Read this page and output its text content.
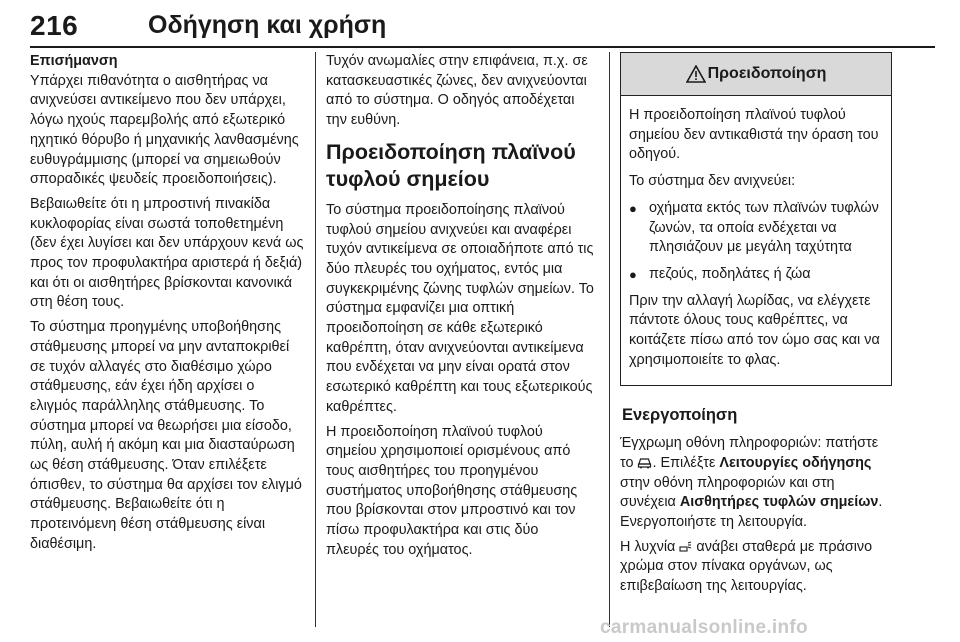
216	Οδήγηση και χρήση

Επισήμανση
Υπάρχει πιθανότητα ο αισθητήρας να ανιχνεύσει αντικείμενο που δεν υπάρχει, λόγω ηχούς παρεμβολής από εξωτερικό ηχητικό θόρυβο ή μηχανικής λανθασμένης ευθυγράμμισης (μπορεί να σημειωθούν σποραδικές ψευδείς προειδοποιήσεις).

Βεβαιωθείτε ότι η μπροστινή πινακίδα κυκλοφορίας είναι σωστά τοποθετημένη (δεν έχει λυγίσει και δεν υπάρχουν κενά ως προς τον προφυλακτήρα αριστερά ή δεξιά) και ότι οι αισθητήρες βρίσκονται κανονικά στη θέση τους.

Το σύστημα προηγμένης υποβοήθησης στάθμευσης μπορεί να μην ανταποκριθεί σε τυχόν αλλαγές στο διαθέσιμο χώρο στάθμευσης, εάν έχει ήδη αρχίσει ο ελιγμός παράλληλης στάθμευσης. Το σύστημα μπορεί να θεωρήσει μια είσοδο, πύλη, αυλή ή ακόμη και μια διασταύρωση ως θέση στάθμευσης. Όταν επιλέξετε όπισθεν, το σύστημα θα αρχίσει τον ελιγμό στάθμευσης. Βεβαιωθείτε ότι η προτεινόμενη θέση στάθμευσης είναι διαθέσιμη.

Τυχόν ανωμαλίες στην επιφάνεια, π.χ. σε κατασκευαστικές ζώνες, δεν ανιχνεύονται από το σύστημα. Ο οδηγός αποδέχεται την ευθύνη.

Προειδοποίηση πλαϊνού τυφλού σημείου

Το σύστημα προειδοποίησης πλαϊνού τυφλού σημείου ανιχνεύει και αναφέρει τυχόν αντικείμενα σε οποιαδήποτε από τις δύο πλευρές του οχήματος, εντός μια συγκεκριμένης ζώνης τυφλών σημείων. Το σύστημα εμφανίζει μια οπτική προειδοποίηση σε κάθε εξωτερικό καθρέπτη, όταν ανιχνεύονται αντικείμενα που ενδέχεται να μην είναι ορατά στον εσωτερικό καθρέπτη και τους εξωτερικούς καθρέπτες.

Η προειδοποίηση πλαϊνού τυφλού σημείου χρησιμοποιεί ορισμένους από τους αισθητήρες του προηγμένου συστήματος υποβοήθησης στάθμευσης που βρίσκονται στον μπροστινό και τον πίσω προφυλακτήρα και στις δύο πλευρές του οχήματος.

Προειδοποίηση

Η προειδοποίηση πλαϊνού τυφλού σημείου δεν αντικαθιστά την όραση του οδηγού.

Το σύστημα δεν ανιχνεύει:

● οχήματα εκτός των πλαϊνών τυφλών ζωνών, τα οποία ενδέχεται να πλησιάζουν με μεγάλη ταχύτητα
● πεζούς, ποδηλάτες ή ζώα

Πριν την αλλαγή λωρίδας, να ελέγχετε πάντοτε όλους τους καθρέπτες, να κοιτάζετε πίσω από τον ώμο σας και να χρησιμοποιείτε το φλας.

Ενεργοποίηση

Έγχρωμη οθόνη πληροφοριών: πατήστε το . Επιλέξτε Λειτουργίες οδήγησης στην οθόνη πληροφοριών και στη συνέχεια Αισθητήρες τυφλών σημείων. Ενεργοποιήστε τη λειτουργία.

Η λυχνία ανάβει σταθερά με πράσινο χρώμα στον πίνακα οργάνων, ως επιβεβαίωση της λειτουργίας.

carmanualsonline.info
